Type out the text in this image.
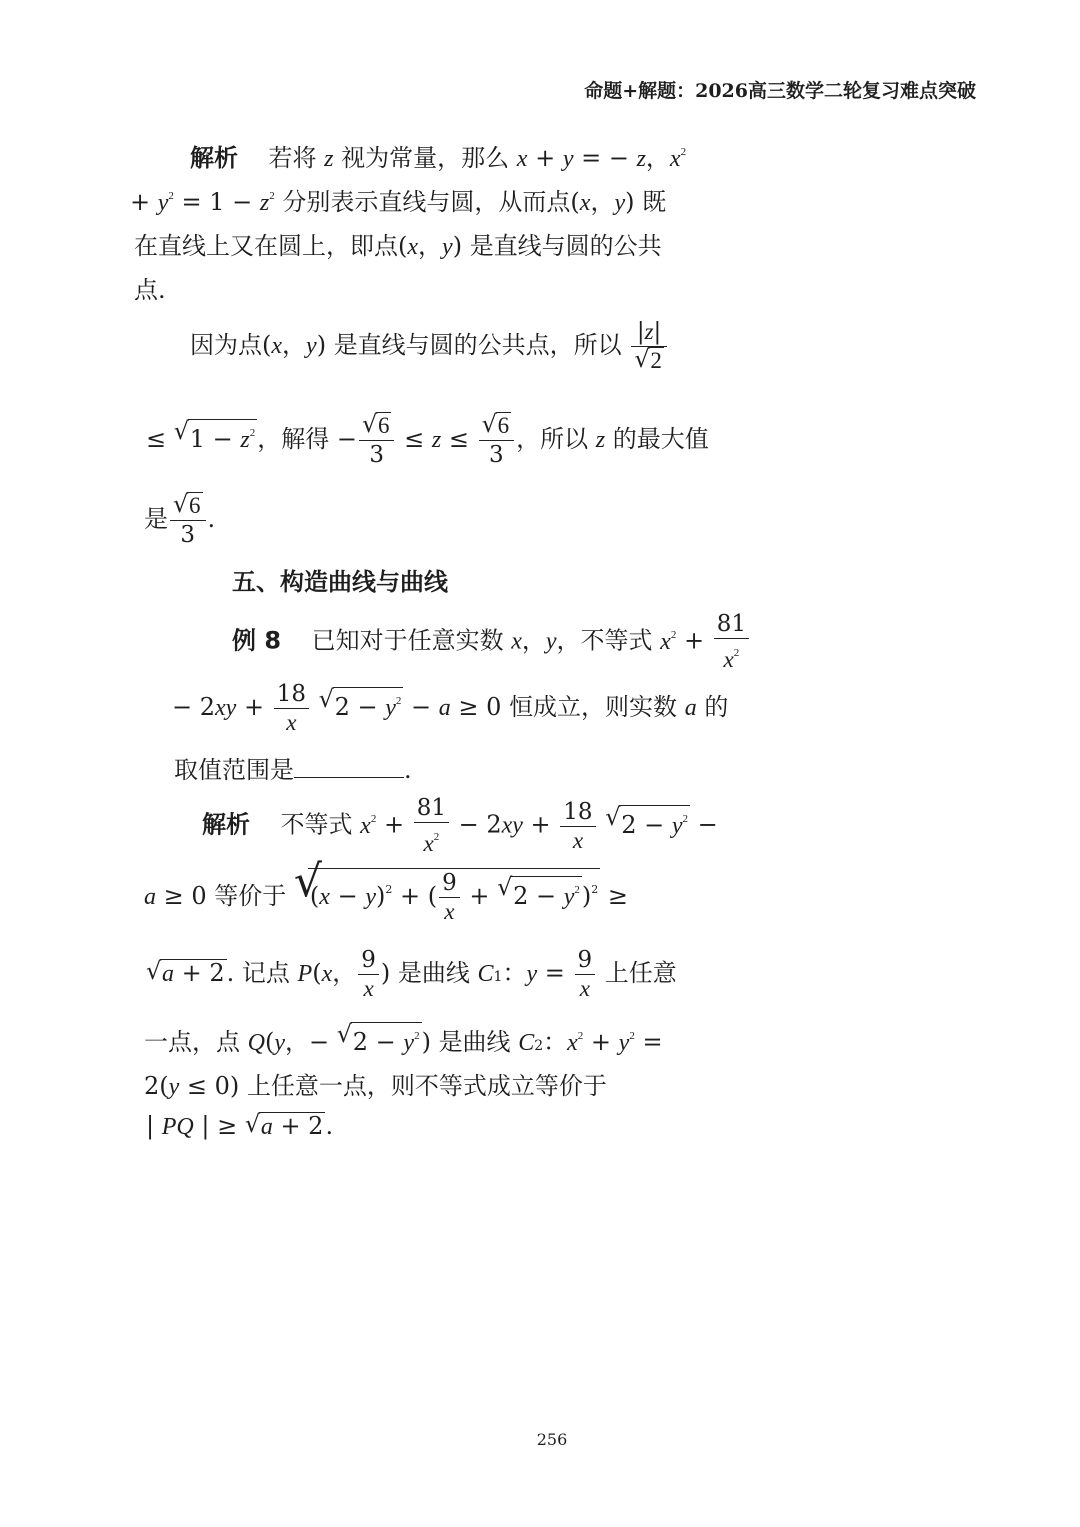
命题+解题：2026高三数学二轮复习难点突破
解析 若将 z 视为常量，那么 x + y = − z，$x^2$
+ $y^2 = 1 - z^2$ 分别表示直线与圆，从而点(x，y) 既
在直线上又在圆上，即点(x，y) 是直线与圆的公共
点.
因为点(x，y) 是直线与圆的公共点，所以 |z|
√ 2
≤ √ $1 - z^2$，解得 − √ $\frac{6}{3} \le z$ ≤ √ $\frac{6}{3}$ ，所以 z 的最大值
是 √ $\frac{6}{3}$ .
五、构造曲线与曲线
例 8 已知对于任意实数 x，y，不等式 $x^2 + \frac{81}{x^2}$
− $2xy + \frac{18}{x}$ √ $2 - y^2 - a \ge 0$ 恒成立，则实数 a 的
取值范围是	.
解析 不等式 $x^2 + \frac{81}{x^2} - 2xy + \frac{18}{x}$ √ $2 - y^2$ −
a ≥ 0 等价于 √ $(x - y)^2$ + ( $\frac{9}{x}$ + √ $2 - y^2)^2$ ≥
√ a + 2. 记点 P(x， $\frac{9}{x}$ ) 是曲线 C1：$y = \frac{9}{x}$ 上任意
一点，点 Q(y，− √ $2 - y^2$) 是曲线 C2：$x^2 + y^2$ =
2(y ≤ 0) 上任意一点，则不等式成立等价于
| PQ | ≥ √ a + 2.
256
